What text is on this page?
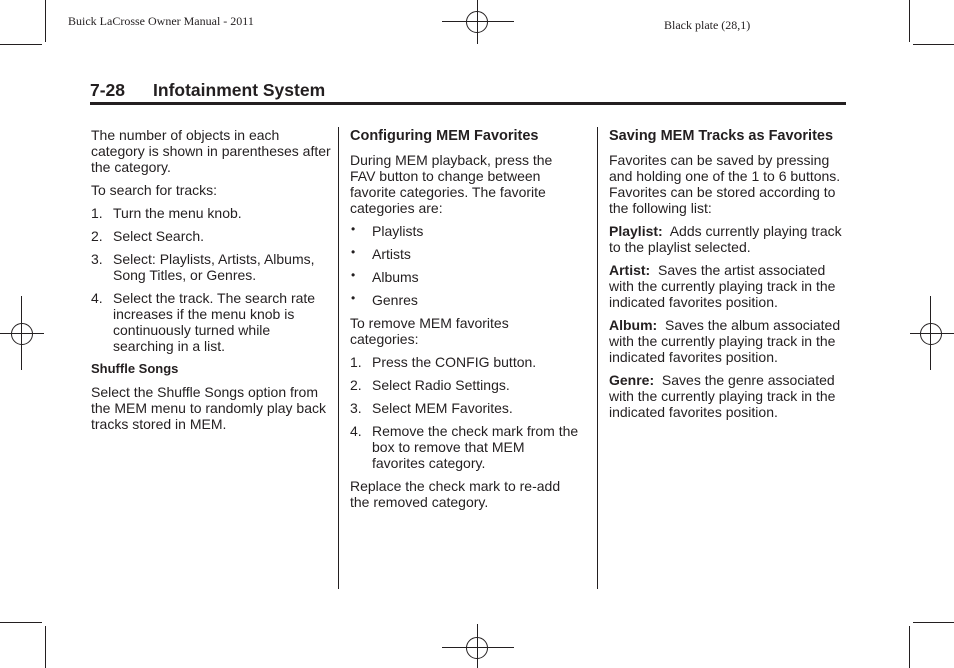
Buick LaCrosse Owner Manual - 2011	Black plate (28,1)
7-28 Infotainment System

The number of objects in each category is shown in parentheses after the category.

To search for tracks:

1. Turn the menu knob.
2. Select Search.
3. Select: Playlists, Artists, Albums, Song Titles, or Genres.
4. Select the track. The search rate increases if the menu knob is continuously turned while searching in a list.
Shuffle Songs

Select the Shuffle Songs option from the MEM menu to randomly play back tracks stored in MEM.

Configuring MEM Favorites

During MEM playback, press the FAV button to change between favorite categories. The favorite categories are:

• Playlists
• Artists
• Albums
• Genres

To remove MEM favorites categories:

1. Press the CONFIG button.
2. Select Radio Settings.
3. Select MEM Favorites.
4. Remove the check mark from the box to remove that MEM favorites category.

Replace the check mark to re-add the removed category.

Saving MEM Tracks as Favorites

Favorites can be saved by pressing and holding one of the 1 to 6 buttons. Favorites can be stored according to the following list:

Playlist: Adds currently playing track to the playlist selected.

Artist: Saves the artist associated with the currently playing track in the indicated favorites position.

Album: Saves the album associated with the currently playing track in the indicated favorites position.

Genre: Saves the genre associated with the currently playing track in the indicated favorites position.
